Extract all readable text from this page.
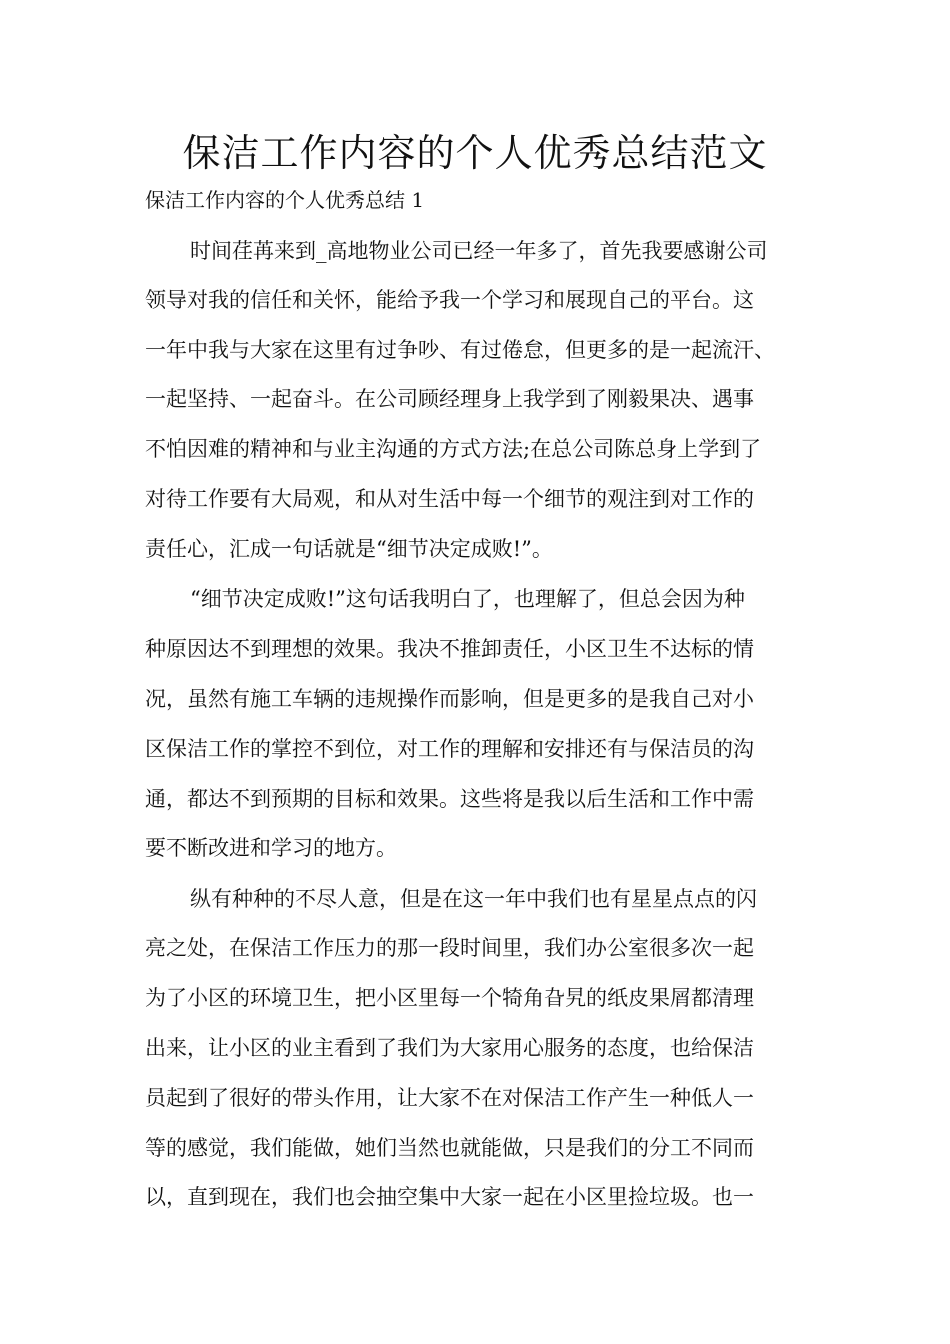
保洁工作内容的个人优秀总结范文

保洁工作内容的个人优秀总结 1

时间荏苒来到_高地物业公司已经一年多了，首先我要感谢公司

领导对我的信任和关怀，能给予我一个学习和展现自己的平台。这

一年中我与大家在这里有过争吵、有过倦怠，但更多的是一起流汗、

一起坚持、一起奋斗。在公司顾经理身上我学到了刚毅果决、遇事

不怕因难的精神和与业主沟通的方式方法;在总公司陈总身上学到了

对待工作要有大局观，和从对生活中每一个细节的观注到对工作的

责任心，汇成一句话就是“细节决定成败!”。

“细节决定成败!”这句话我明白了，也理解了，但总会因为种

种原因达不到理想的效果。我决不推卸责任，小区卫生不达标的情

况，虽然有施工车辆的违规操作而影响，但是更多的是我自己对小

区保洁工作的掌控不到位，对工作的理解和安排还有与保洁员的沟

通，都达不到预期的目标和效果。这些将是我以后生活和工作中需

要不断改进和学习的地方。

纵有种种的不尽人意，但是在这一年中我们也有星星点点的闪

亮之处，在保洁工作压力的那一段时间里，我们办公室很多次一起

为了小区的环境卫生，把小区里每一个犄角旮旯的纸皮果屑都清理

出来，让小区的业主看到了我们为大家用心服务的态度，也给保洁

员起到了很好的带头作用，让大家不在对保洁工作产生一种低人一

等的感觉，我们能做，她们当然也就能做，只是我们的分工不同而

以，直到现在，我们也会抽空集中大家一起在小区里捡垃圾。也一
